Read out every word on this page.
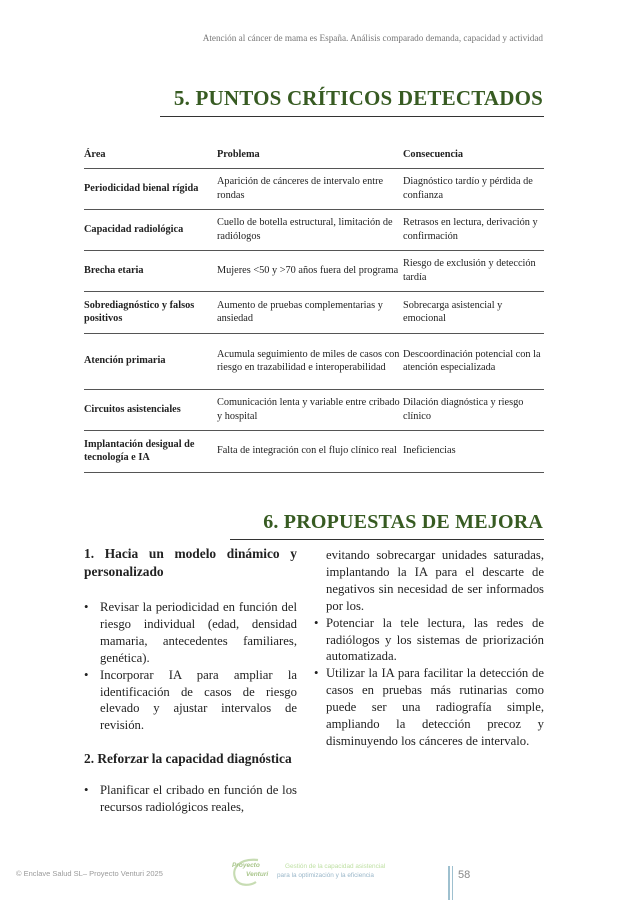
Atención al cáncer de mama es España. Análisis comparado demanda, capacidad y actividad
5. PUNTOS CRÍTICOS DETECTADOS
Área	Problema	Consecuencia

Periodicidad bienal rígida	Aparición de cánceres de intervalo entre rondas	Diagnóstico tardío y pérdida de confianza

Capacidad radiológica	Cuello de botella estructural, limitación de radiólogos	Retrasos en lectura, derivación y confirmación

Brecha etaria	Mujeres <50 y >70 años fuera del programa	Riesgo de exclusión y detección tardía

Sobrediagnóstico y falsos positivos	Aumento de pruebas complementarias y ansiedad	Sobrecarga asistencial y emocional

Atención primaria	Acumula seguimiento de miles de casos con riesgo en trazabilidad e interoperabilidad	Descoordinación potencial con la atención especializada

Circuitos asistenciales	Comunicación lenta y variable entre cribado y hospital	Dilación diagnóstica y riesgo clínico

Implantación desigual de tecnología e IA	Falta de integración con el flujo clínico real	Ineficiencias
6. PROPUESTAS DE MEJORA
1. Hacia un modelo dinámico y personalizado
• Revisar la periodicidad en función del riesgo individual (edad, densidad mamaria, antecedentes familiares, genética).
• Incorporar IA para ampliar la identificación de casos de riesgo elevado y ajustar intervalos de revisión.
2. Reforzar la capacidad diagnóstica
• Planificar el cribado en función de los recursos radiológicos reales,
evitando sobrecargar unidades saturadas, implantando la IA para el descarte de negativos sin necesidad de ser informados por los.
• Potenciar la tele lectura, las redes de radiólogos y los sistemas de priorización automatizada.
• Utilizar la IA para facilitar la detección de casos en pruebas más rutinarias como puede ser una radiografía simple, ampliando la detección precoz y disminuyendo los cánceres de intervalo.
© Enclave Salud SL– Proyecto Venturi 2025
Proyecto
Venturi
Gestión de la capacidad asistencial
para la optimización y la eficiencia	58
